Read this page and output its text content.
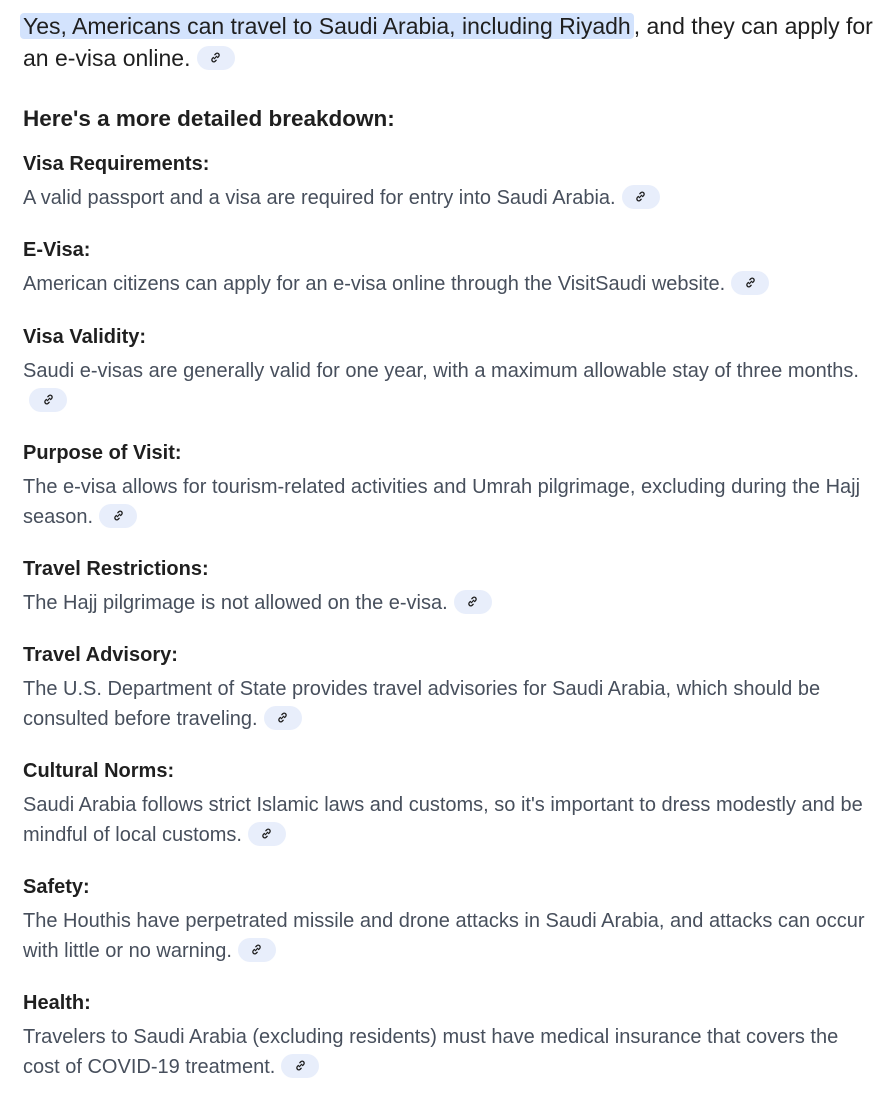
Yes, Americans can travel to Saudi Arabia, including Riyadh , and they can apply for an e-visa online.

Here's a more detailed breakdown:

Visa Requirements:

A valid passport and a visa are required for entry into Saudi Arabia.

E-Visa:

American citizens can apply for an e-visa online through the VisitSaudi website.

Visa Validity:

Saudi e-visas are generally valid for one year, with a maximum allowable stay of three months.

Purpose of Visit:

The e-visa allows for tourism-related activities and Umrah pilgrimage, excluding during the Hajj season.

Travel Restrictions:

The Hajj pilgrimage is not allowed on the e-visa.

Travel Advisory:

The U.S. Department of State provides travel advisories for Saudi Arabia, which should be consulted before traveling.

Cultural Norms:

Saudi Arabia follows strict Islamic laws and customs, so it's important to dress modestly and be mindful of local customs.

Safety:

The Houthis have perpetrated missile and drone attacks in Saudi Arabia, and attacks can occur with little or no warning.

Health:

Travelers to Saudi Arabia (excluding residents) must have medical insurance that covers the cost of COVID-19 treatment.
